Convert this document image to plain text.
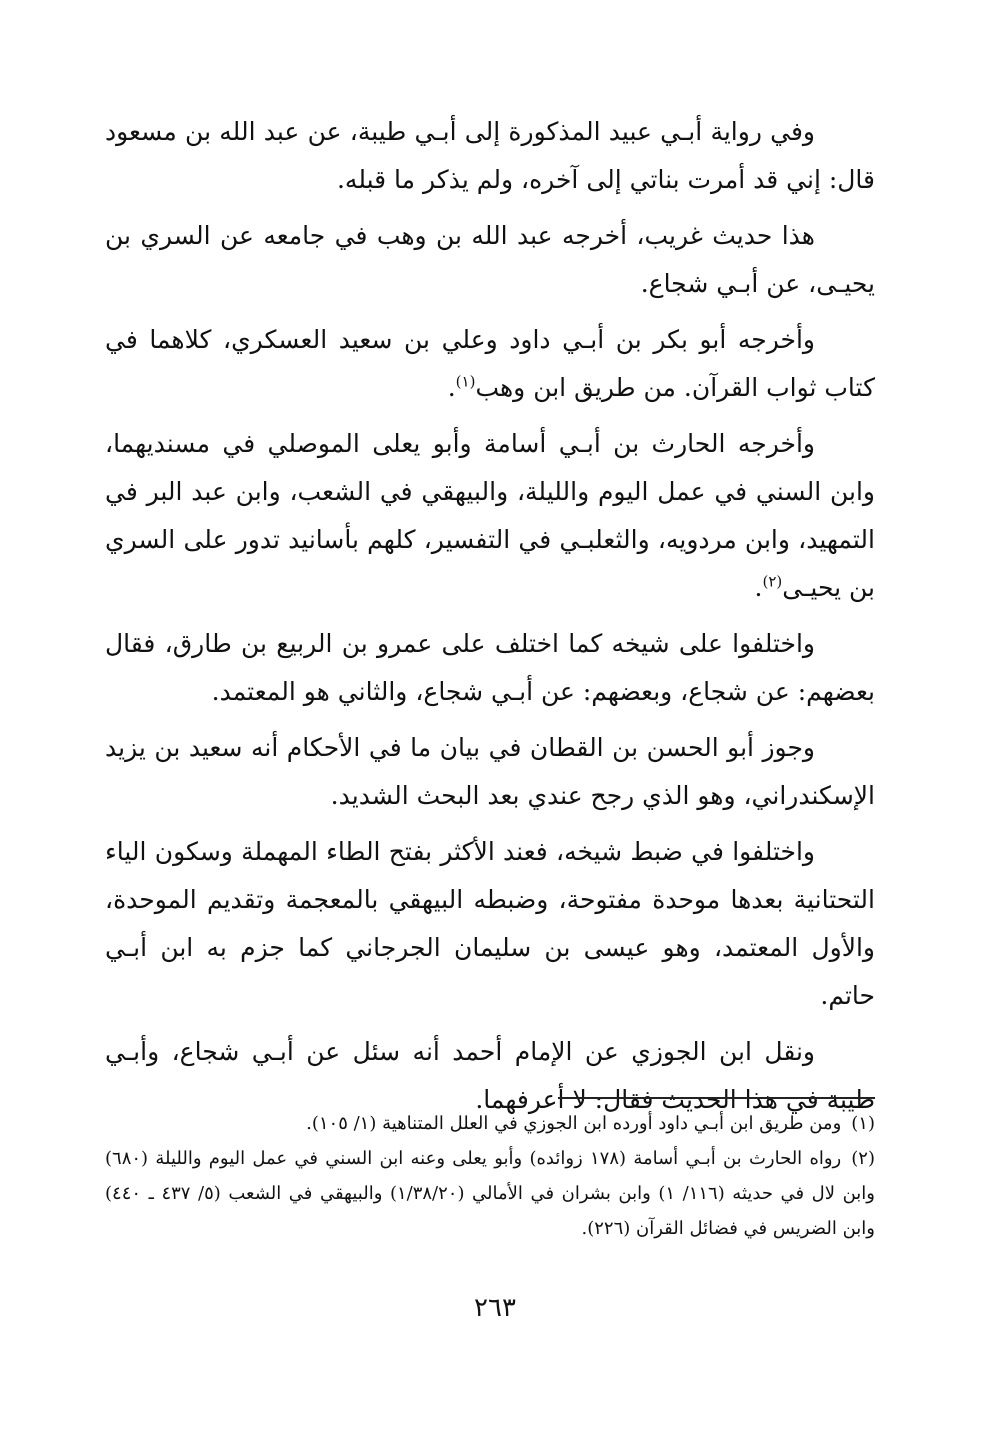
وفي رواية أبـي عبيد المذكورة إلى أبـي طيبة، عن عبد الله بن مسعود قال: إني قد أمرت بناتي إلى آخره، ولم يذكر ما قبله.

هذا حديث غريب، أخرجه عبد الله بن وهب في جامعه عن السري بن يحيـى، عن أبـي شجاع.

وأخرجه أبو بكر بن أبـي داود وعلي بن سعيد العسكري، كلاهما في كتاب ثواب القرآن. من طريق ابن وهب$^{(١)}$.

وأخرجه الحارث بن أبـي أسامة وأبو يعلى الموصلي في مسنديهما، وابن السني في عمل اليوم والليلة، والبيهقي في الشعب، وابن عبد البر في التمهيد، وابن مردويه، والثعلبـي في التفسير، كلهم بأسانيد تدور على السري بن يحيـى$^{(٢)}$.

واختلفوا على شيخه كما اختلف على عمرو بن الربيع بن طارق، فقال بعضهم: عن شجاع، وبعضهم: عن أبـي شجاع، والثاني هو المعتمد.

وجوز أبو الحسن بن القطان في بيان ما في الأحكام أنه سعيد بن يزيد الإسكندراني، وهو الذي رجح عندي بعد البحث الشديد.

واختلفوا في ضبط شيخه، فعند الأكثر بفتح الطاء المهملة وسكون الياء التحتانية بعدها موحدة مفتوحة، وضبطه البيهقي بالمعجمة وتقديم الموحدة، والأول المعتمد، وهو عيسى بن سليمان الجرجاني كما جزم به ابن أبـي حاتم.

ونقل ابن الجوزي عن الإمام أحمد أنه سئل عن أبـي شجاع، وأبـي طيبة في هذا الحديث فقال: لا أعرفهما.

(١)ومن طريق ابن أبـي داود أورده ابن الجوزي في العلل المتناهية (١/ ١٠٥).

(٢)رواه الحارث بن أبـي أسامة (١٧٨ زوائده) وأبو يعلى وعنه ابن السني في عمل اليوم والليلة (٦٨٠) وابن لال في حديثه (١١٦/ ١) وابن بشران في الأمالي (١/٣٨/٢٠) والبيهقي في الشعب (٥/ ٤٣٧ ـ ٤٤٠) وابن الضريس في فضائل القرآن (٢٢٦).

٢٦٣
